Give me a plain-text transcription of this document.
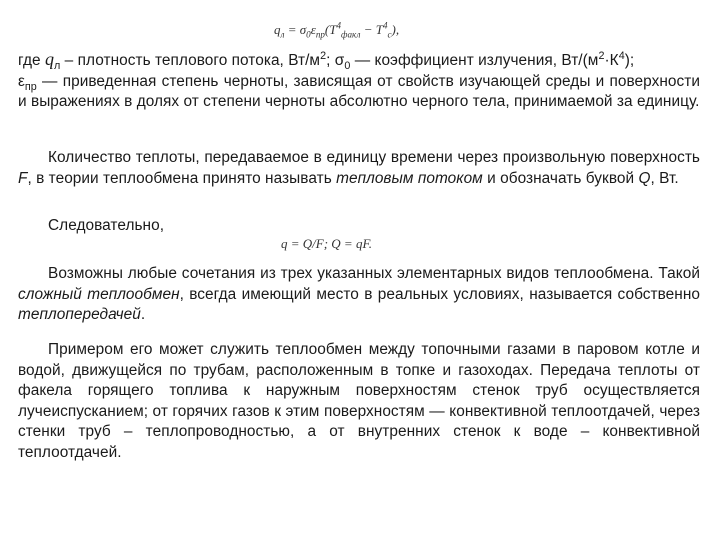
$q_л = \sigma_0\varepsilon_{пр}(T^4_{факл} - T^4_c)$,

где $q_л$ – плотность теплового потока, $Вт/м^2$; $\sigma_0$ — коэффициент излучения, $Вт/(м^2\cdot К^4)$;
$\varepsilon_{пр}$ — приведенная степень черноты, зависящая от свойств изучающей среды и поверхности и выражениях в долях от степени черноты абсолютно черного тела, принимаемой за единицу.

Количество теплоты, передаваемое в единицу времени через произвольную поверхность F, в теории теплообмена принято называть тепловым потоком и обозначать буквой Q, Вт.

Следовательно,

q = Q/F; Q = qF.

Возможны любые сочетания из трех указанных элементарных видов теплообмена. Такой сложный теплообмен, всегда имеющий место в реальных условиях, называется собственно теплопередачей.

Примером его может служить теплообмен между топочными газами в паровом котле и водой, движущейся по трубам, расположенным в топке и газоходах. Передача теплоты от факела горящего топлива к наружным поверхностям стенок труб осуществляется лучеиспусканием; от горячих газов к этим поверхностям — конвективной теплоотдачей, через стенки труб – теплопроводностью, а от внутренних стенок к воде – конвективной теплоотдачей.
